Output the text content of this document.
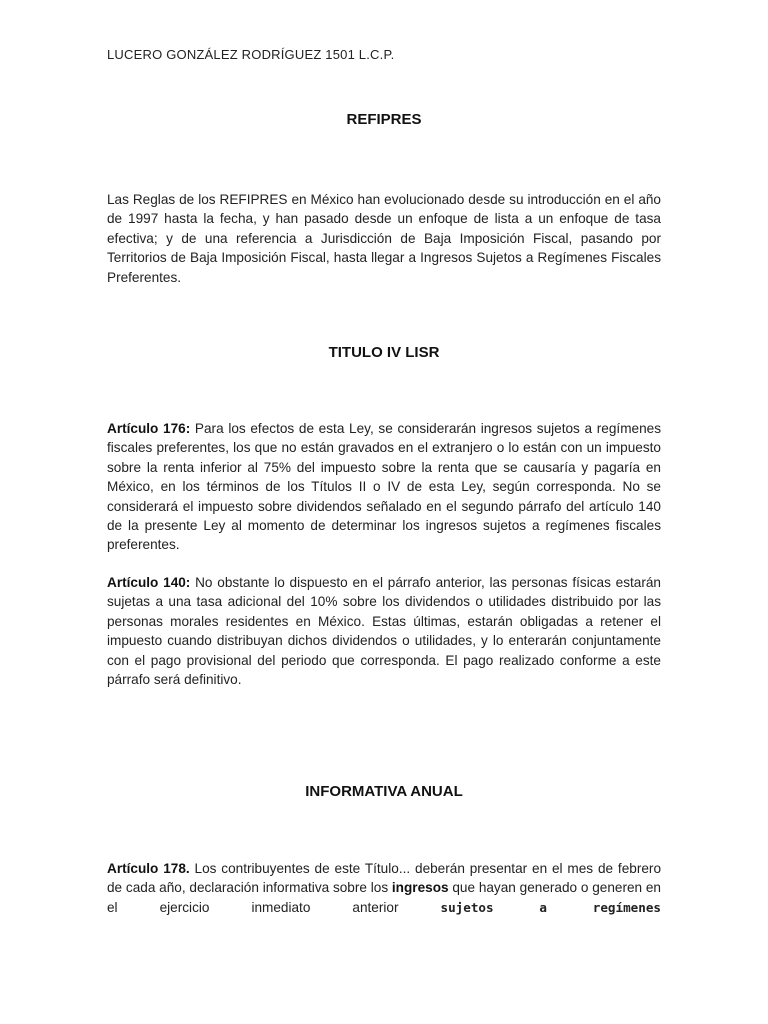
LUCERO GONZÁLEZ RODRÍGUEZ 1501 L.C.P.
REFIPRES
Las Reglas de los REFIPRES en México han evolucionado desde su introducción en el año de 1997 hasta la fecha, y han pasado desde un enfoque de lista a un enfoque de tasa efectiva; y de una referencia a Jurisdicción de Baja Imposición Fiscal, pasando por Territorios de Baja Imposición Fiscal, hasta llegar a Ingresos Sujetos a Regímenes Fiscales Preferentes.
TITULO IV LISR
Artículo 176: Para los efectos de esta Ley, se considerarán ingresos sujetos a regímenes fiscales preferentes, los que no están gravados en el extranjero o lo están con un impuesto sobre la renta inferior al 75% del impuesto sobre la renta que se causaría y pagaría en México, en los términos de los Títulos II o IV de esta Ley, según corresponda. No se considerará el impuesto sobre dividendos señalado en el segundo párrafo del artículo 140 de la presente Ley al momento de determinar los ingresos sujetos a regímenes fiscales preferentes.
Artículo 140: No obstante lo dispuesto en el párrafo anterior, las personas físicas estarán sujetas a una tasa adicional del 10% sobre los dividendos o utilidades distribuido por las personas morales residentes en México. Estas últimas, estarán obligadas a retener el impuesto cuando distribuyan dichos dividendos o utilidades, y lo enterarán conjuntamente con el pago provisional del periodo que corresponda. El pago realizado conforme a este párrafo será definitivo.
INFORMATIVA ANUAL
Artículo 178. Los contribuyentes de este Título... deberán presentar en el mes de febrero de cada año, declaración informativa sobre los ingresos que hayan generado o generen en el ejercicio inmediato anterior sujetos a regímenes
